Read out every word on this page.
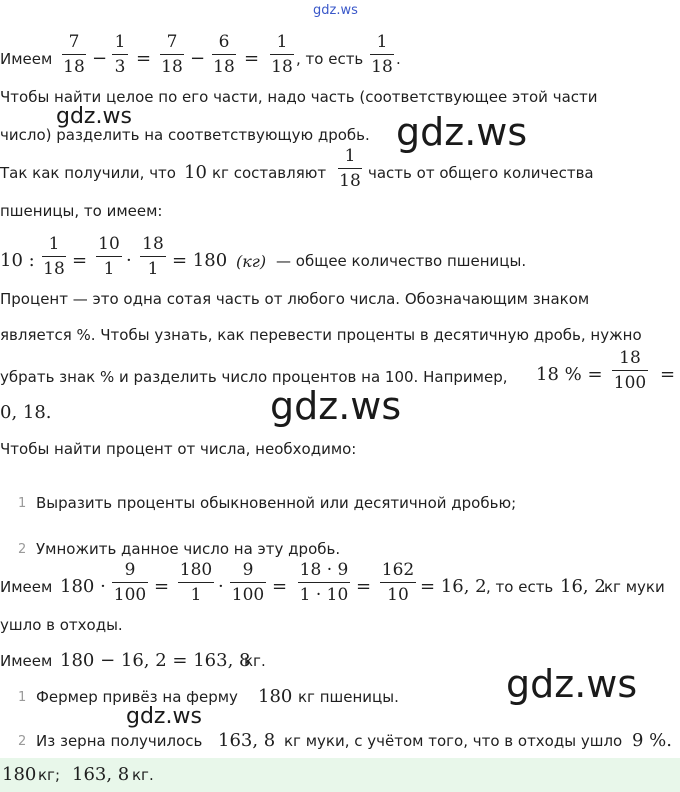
gdz.ws
gdz.ws	gdz.ws
gdz.ws
gdz.ws
gdz.ws
Имеем
7
18 −
1
3 =
7
18 −
6
18 =
1
18 , то есть
1
18 .
Чтобы найти целое по его части, надо часть (соответствующее этой части
число) разделить на соответствующую дробь.
Так как получили, что 10 кг составляют
1
18 часть от общего количества
пшеницы, то имеем:
10 :
1
18 =
10
1 ·
18
1 = 180 (кг) — общее количество пшеницы.
Процент — это одна сотая часть от любого числа. Обозначающим знаком
является %. Чтобы узнать, как перевести проценты в десятичную дробь, нужно
убрать знак % и разделить число процентов на 100. Например, 18 % =
18
100 =
0, 18.
Чтобы найти процент от числа, необходимо:
1 Выразить проценты обыкновенной или десятичной дробью;
2 Умножить данное число на эту дробь.
Имеем 180 ·
9
100 =
180
1 ·
9
100 =
18 · 9
1 · 10 =
162
10 = 16, 2 , то есть 16, 2
кг муки
ушло в отходы.
Имеем 180 − 16, 2 = 163, 8
кг.
1 Фермер привёз на ферму 180 кг пшеницы.
2 Из зерна получилось 163, 8 кг муки, с учётом того, что в отходы ушло 9 %.
180 кг; 163, 8 кг.
